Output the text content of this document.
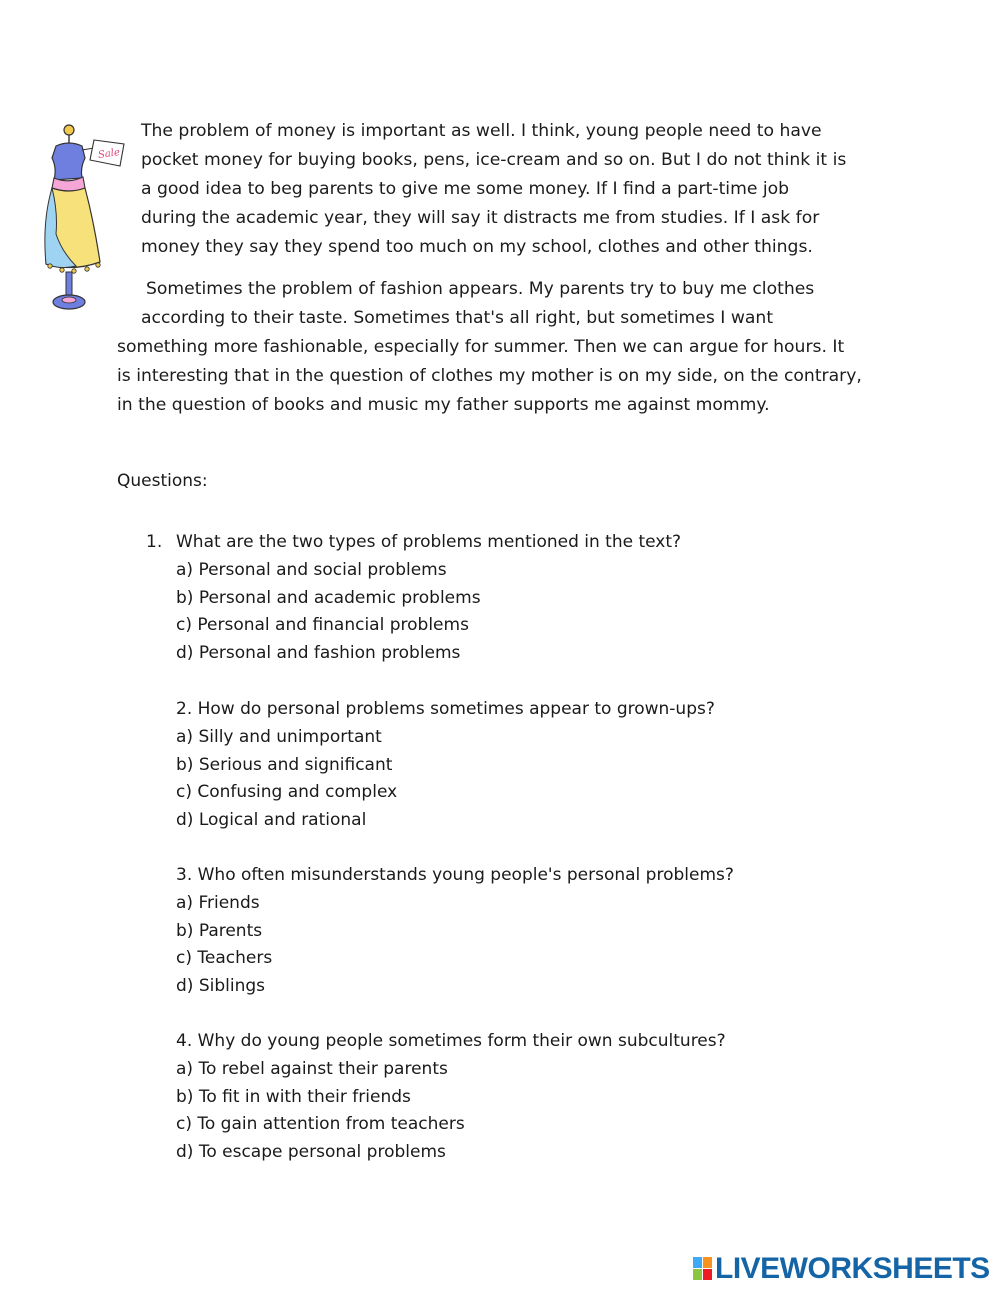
Sale

The problem of money is important as well. I think, young people need to have
pocket money for buying books, pens, ice-cream and so on. But I do not think it is
a good idea to beg parents to give me some money. If I find a part-time job
during the academic year, they will say it distracts me from studies. If I ask for
money they say they spend too much on my school, clothes and other things.

Sometimes the problem of fashion appears. My parents try to buy me clothes
according to their taste. Sometimes that's all right, but sometimes I want
something more fashionable, especially for summer. Then we can argue for hours. It
is interesting that in the question of clothes my mother is on my side, on the contrary,
in the question of books and music my father supports me against mommy.

Questions:
1. What are the two types of problems mentioned in the text?
a) Personal and social problems
b) Personal and academic problems
c) Personal and financial problems
d) Personal and fashion problems
2. How do personal problems sometimes appear to grown-ups?
a) Silly and unimportant
b) Serious and significant
c) Confusing and complex
d) Logical and rational
3. Who often misunderstands young people's personal problems?
a) Friends
b) Parents
c) Teachers
d) Siblings
4. Why do young people sometimes form their own subcultures?
a) To rebel against their parents
b) To fit in with their friends
c) To gain attention from teachers
d) To escape personal problems
LIVEWORKSHEETS
